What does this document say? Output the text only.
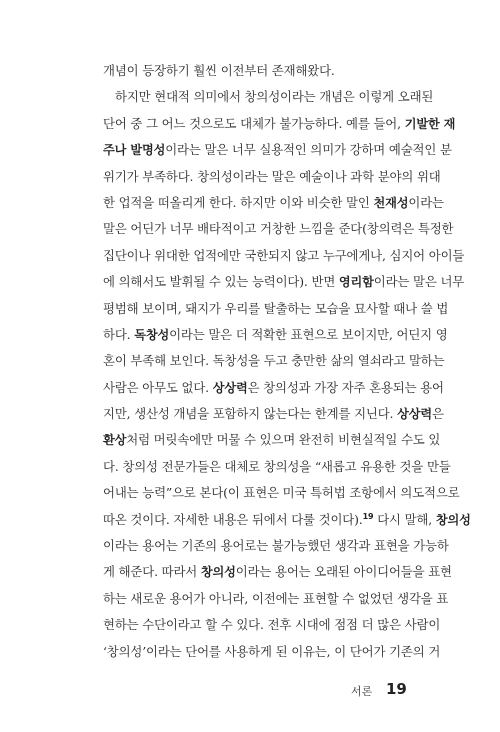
개념이 등장하기 훨씬 이전부터 존재해왔다.
하지만 현대적 의미에서 창의성이라는 개념은 이렇게 오래된
단어 중 그 어느 것으로도 대체가 불가능하다. 예를 들어, 기발한 재
주나 발명성이라는 말은 너무 실용적인 의미가 강하며 예술적인 분
위기가 부족하다. 창의성이라는 말은 예술이나 과학 분야의 위대
한 업적을 떠올리게 한다. 하지만 이와 비슷한 말인 천재성이라는
말은 어딘가 너무 배타적이고 거창한 느낌을 준다(창의력은 특정한
집단이나 위대한 업적에만 국한되지 않고 누구에게나, 심지어 아이들
에 의해서도 발휘될 수 있는 능력이다). 반면 영리함이라는 말은 너무
평범해 보이며, 돼지가 우리를 탈출하는 모습을 묘사할 때나 쓸 법
하다. 독창성이라는 말은 더 적확한 표현으로 보이지만, 어딘지 영
혼이 부족해 보인다. 독창성을 두고 충만한 삶의 열쇠라고 말하는
사람은 아무도 없다. 상상력은 창의성과 가장 자주 혼용되는 용어
지만, 생산성 개념을 포함하지 않는다는 한계를 지닌다. 상상력은
환상처럼 머릿속에만 머물 수 있으며 완전히 비현실적일 수도 있
다. 창의성 전문가들은 대체로 창의성을 “새롭고 유용한 것을 만들
어내는 능력”으로 본다(이 표현은 미국 특허법 조항에서 의도적으로
따온 것이다. 자세한 내용은 뒤에서 다룰 것이다).$^{19}$ 다시 말해, 창의성
이라는 용어는 기존의 용어로는 불가능했던 생각과 표현을 가능하
게 해준다. 따라서 창의성이라는 용어는 오래된 아이디어들을 표현
하는 새로운 용어가 아니라, 이전에는 표현할 수 없었던 생각을 표
현하는 수단이라고 할 수 있다. 전후 시대에 점점 더 많은 사람이
‘창의성’이라는 단어를 사용하게 된 이유는, 이 단어가 기존의 거
서론 19
